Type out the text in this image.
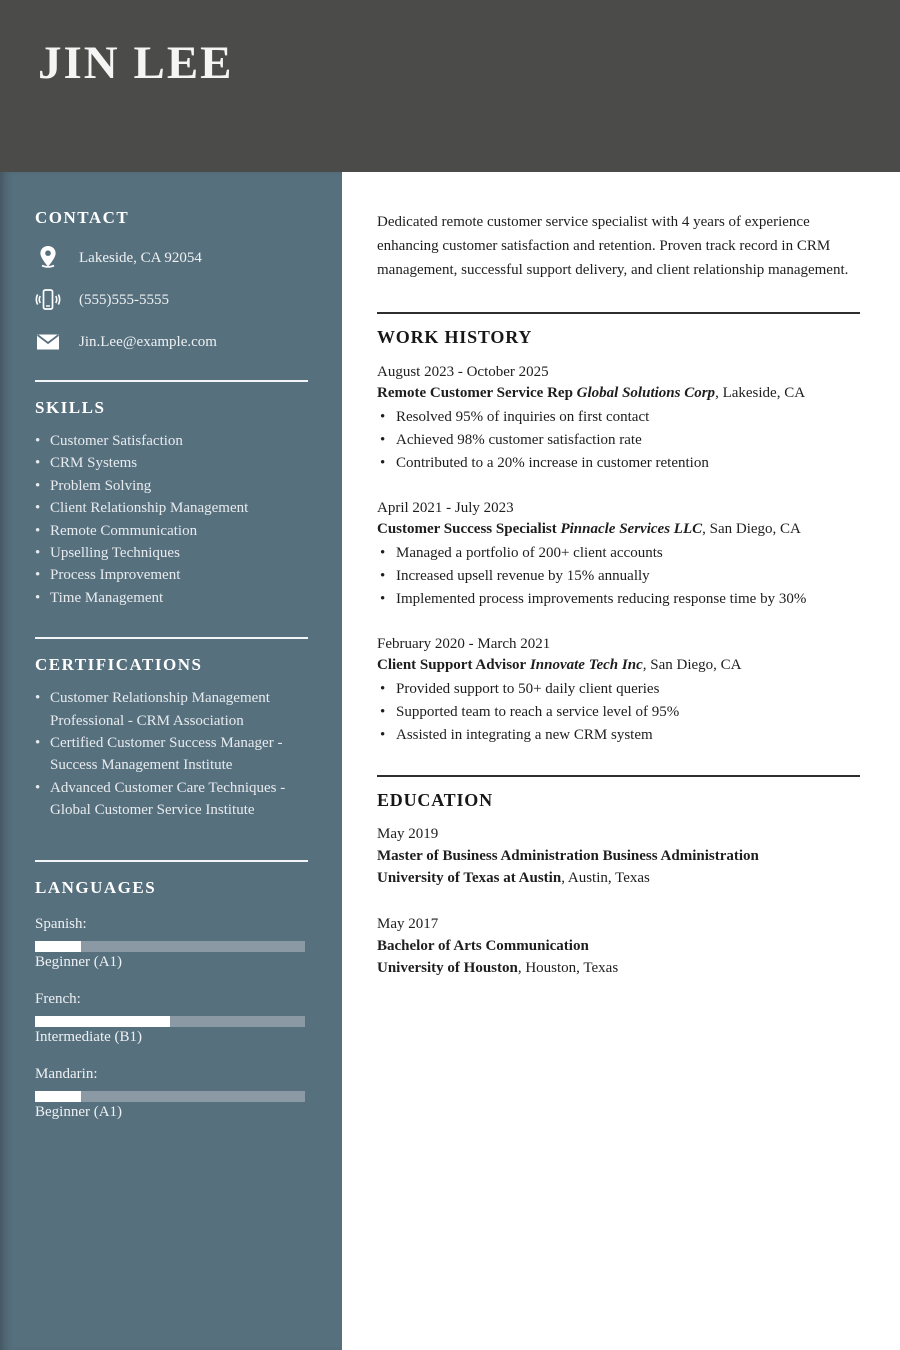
JIN LEE
CONTACT
Lakeside, CA 92054
(555)555-5555
Jin.Lee@example.com
SKILLS
• Customer Satisfaction
• CRM Systems
• Problem Solving
• Client Relationship Management
• Remote Communication
• Upselling Techniques
• Process Improvement
• Time Management
CERTIFICATIONS
• Customer Relationship Management Professional - CRM Association
• Certified Customer Success Manager - Success Management Institute
• Advanced Customer Care Techniques - Global Customer Service Institute
LANGUAGES
Spanish:
Beginner (A1)
French:
Intermediate (B1)
Mandarin:
Beginner (A1)

Dedicated remote customer service specialist with 4 years of experience enhancing customer satisfaction and retention. Proven track record in CRM management, successful support delivery, and client relationship management.

WORK HISTORY

August 2023 - October 2025

Remote Customer Service Rep Global Solutions Corp, Lakeside, CA

• Resolved 95% of inquiries on first contact
• Achieved 98% customer satisfaction rate
• Contributed to a 20% increase in customer retention

April 2021 - July 2023

Customer Success Specialist Pinnacle Services LLC, San Diego, CA

• Managed a portfolio of 200+ client accounts
• Increased upsell revenue by 15% annually
• Implemented process improvements reducing response time by 30%

February 2020 - March 2021

Client Support Advisor Innovate Tech Inc, San Diego, CA

• Provided support to 50+ daily client queries
• Supported team to reach a service level of 95%
• Assisted in integrating a new CRM system
EDUCATION

May 2019

Master of Business Administration Business Administration

University of Texas at Austin, Austin, Texas

May 2017

Bachelor of Arts Communication

University of Houston, Houston, Texas
